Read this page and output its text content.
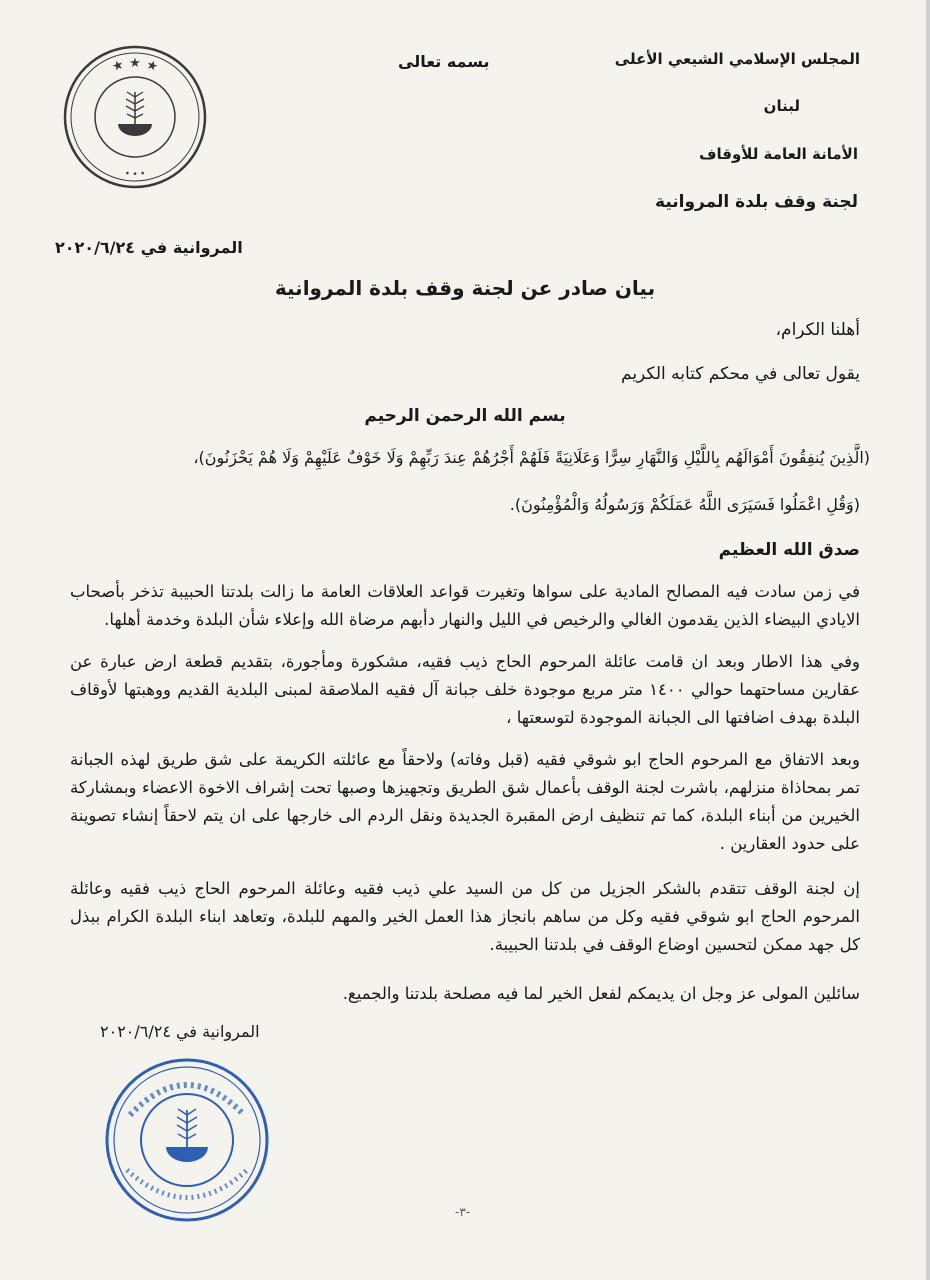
★ ★ ★
• • •
المجلس الإسلامي الشيعي الأعلى
لبنان
الأمانة العامة للأوقاف
لجنة وقف بلدة المروانية
بسمه تعالى
المروانية في ٢٠٢٠/٦/٢٤
بيان صادر عن لجنة وقف بلدة المروانية
أهلنا الكرام،
يقول تعالى في محكم كتابه الكريم
بسم الله الرحمن الرحيم
(الَّذِينَ يُنفِقُونَ أَمْوَالَهُم بِاللَّيْلِ وَالنَّهَارِ سِرًّا وَعَلَانِيَةً فَلَهُمْ أَجْرُهُمْ عِندَ رَبِّهِمْ وَلَا خَوْفٌ عَلَيْهِمْ وَلَا هُمْ يَحْزَنُونَ)،
(وَقُلِ اعْمَلُوا فَسَيَرَى اللَّهُ عَمَلَكُمْ وَرَسُولُهُ وَالْمُؤْمِنُونَ).
صدق الله العظيم
في زمن سادت فيه المصالح المادية على سواها وتغيرت قواعد العلاقات العامة ما زالت بلدتنا الحبيبة تذخر بأصحاب الايادي البيضاء الذين يقدمون الغالي والرخيص في الليل والنهار دأبهم مرضاة الله وإعلاء شأن البلدة وخدمة أهلها.
وفي هذا الاطار وبعد ان قامت عائلة المرحوم الحاج ذيب فقيه، مشكورة ومأجورة، بتقديم قطعة ارض عبارة عن عقارين مساحتهما حوالي ١٤٠٠ متر مربع موجودة خلف جبانة آل فقيه الملاصقة لمبنى البلدية القديم ووهبتها لأوقاف البلدة بهدف اضافتها الى الجبانة الموجودة لتوسعتها ،
وبعد الاتفاق مع المرحوم الحاج ابو شوقي فقيه (قبل وفاته) ولاحقاً مع عائلته الكريمة على شق طريق لهذه الجبانة تمر بمحاذاة منزلهم، باشرت لجنة الوقف بأعمال شق الطريق وتجهيزها وصبها تحت إشراف الاخوة الاعضاء وبمشاركة الخيرين من أبناء البلدة، كما تم تنظيف ارض المقبرة الجديدة ونقل الردم الى خارجها على ان يتم لاحقاً إنشاء تصوينة على حدود العقارين .
إن لجنة الوقف تتقدم بالشكر الجزيل من كل من السيد علي ذيب فقيه وعائلة المرحوم الحاج ذيب فقيه وعائلة المرحوم الحاج ابو شوقي فقيه وكل من ساهم بانجاز هذا العمل الخير والمهم للبلدة، وتعاهد ابناء البلدة الكرام ببذل كل جهد ممكن لتحسين اوضاع الوقف في بلدتنا الحبيبة.
سائلين المولى عز وجل ان يديمكم لفعل الخير لما فيه مصلحة بلدتنا والجميع.
المروانية في ٢٠٢٠/٦/٢٤
-٣-
